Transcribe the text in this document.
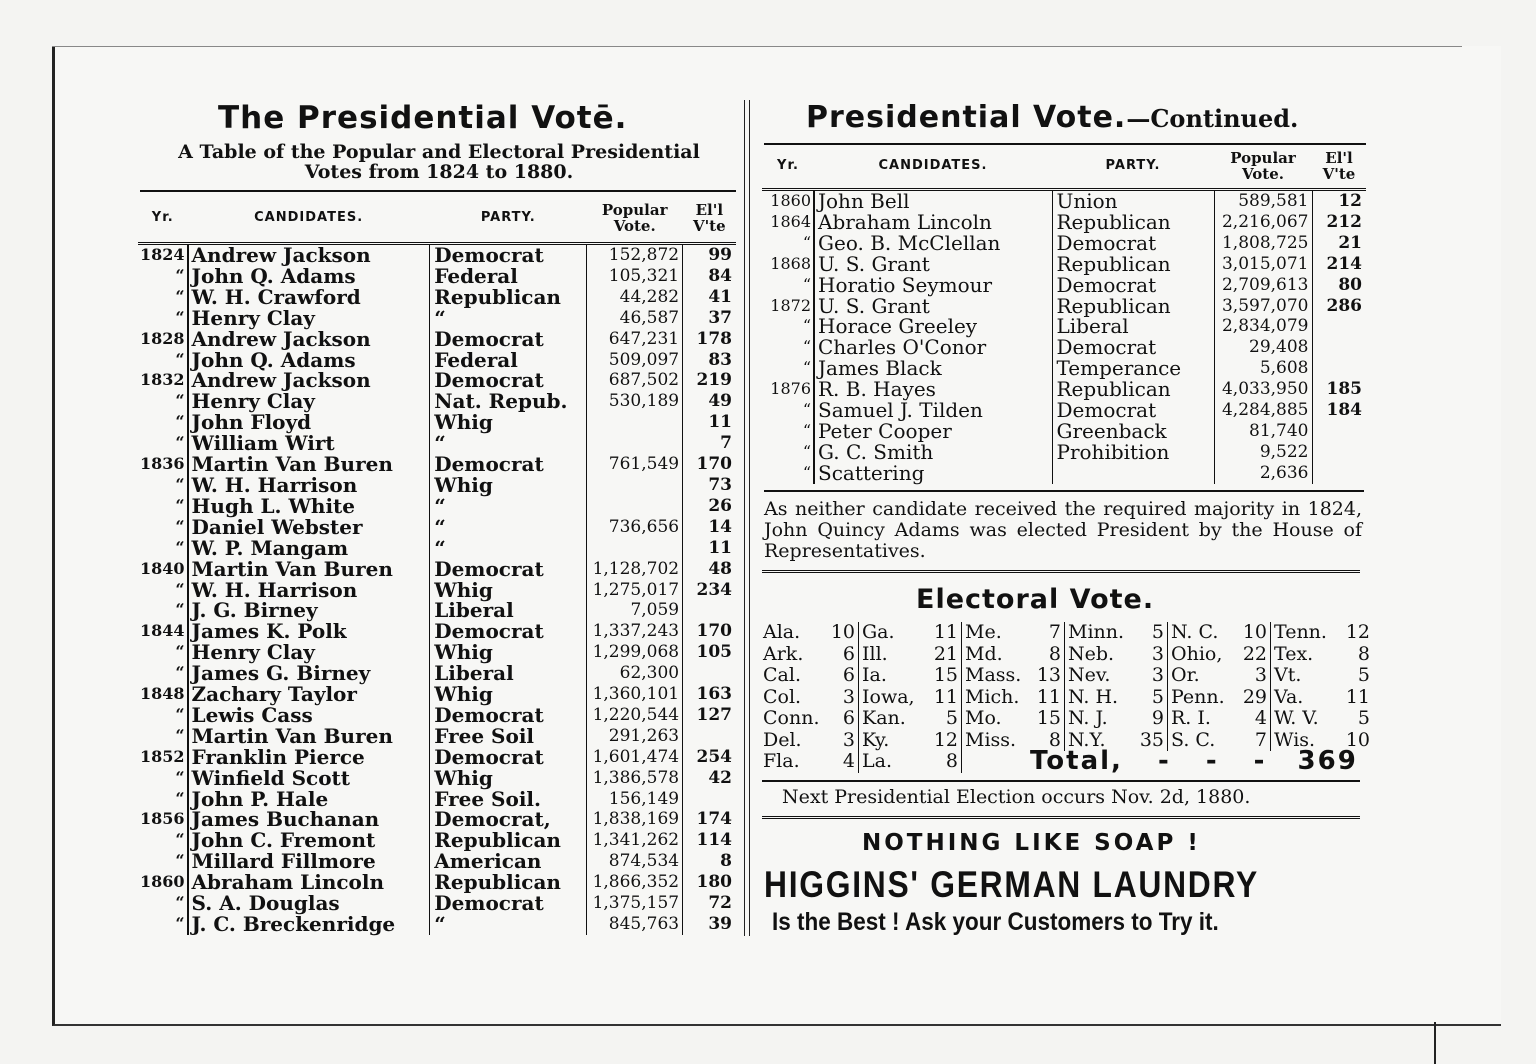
The Presidential Votē.
A Table of the Popular and Electoral Presidential
Votes from 1824 to 1880.
Yr.	CANDIDATES.	PARTY.	Popular Vote.	El'l V'te
1824	Andrew Jackson	Democrat	152,872	99
“	John Q. Adams	Federal	105,321	84
“	W. H. Crawford	Republican	44,282	41
“	Henry Clay	“	46,587	37
1828	Andrew Jackson	Democrat	647,231	178
“	John Q. Adams	Federal	509,097	83
1832	Andrew Jackson	Democrat	687,502	219
“	Henry Clay	Nat. Repub.	530,189	49
“	John Floyd	Whig		11
“	William Wirt	“		7
1836	Martin Van Buren	Democrat	761,549	170
“	W. H. Harrison	Whig		73
“	Hugh L. White	“		26
“	Daniel Webster	“	736,656	14
“	W. P. Mangam	“		11
1840	Martin Van Buren	Democrat	1,128,702	48
“	W. H. Harrison	Whig	1,275,017	234
“	J. G. Birney	Liberal	7,059	
1844	James K. Polk	Democrat	1,337,243	170
“	Henry Clay	Whig	1,299,068	105
“	James G. Birney	Liberal	62,300	
1848	Zachary Taylor	Whig	1,360,101	163
“	Lewis Cass	Democrat	1,220,544	127
“	Martin Van Buren	Free Soil	291,263	
1852	Franklin Pierce	Democrat	1,601,474	254
“	Winfield Scott	Whig	1,386,578	42
“	John P. Hale	Free Soil.	156,149	
1856	James Buchanan	Democrat,	1,838,169	174
“	John C. Fremont	Republican	1,341,262	114
“	Millard Fillmore	American	874,534	8
1860	Abraham Lincoln	Republican	1,866,352	180
“	S. A. Douglas	Democrat	1,375,157	72
“	J. C. Breckenridge	“	845,763	39
Presidential Vote.—Continued.
Yr.	CANDIDATES.	PARTY.	Popular Vote.	El'l V'te
1860	John Bell	Union	589,581	12
1864	Abraham Lincoln	Republican	2,216,067	212
“	Geo. B. McClellan	Democrat	1,808,725	21
1868	U. S. Grant	Republican	3,015,071	214
“	Horatio Seymour	Democrat	2,709,613	80
1872	U. S. Grant	Republican	3,597,070	286
“	Horace Greeley	Liberal	2,834,079	
“	Charles O'Conor	Democrat	29,408	
“	James Black	Temperance	5,608	
1876	R. B. Hayes	Republican	4,033,950	185
“	Samuel J. Tilden	Democrat	4,284,885	184
“	Peter Cooper	Greenback	81,740	
“	G. C. Smith	Prohibition	9,522	
“	Scattering		2,636	
As neither candidate received the required majority in 1824, John Quincy Adams was elected President by the House of Representatives.
Electoral Vote.
Ala.	10	Ga.	11	Me.	7	Minn.	5	N. C.	10	Tenn.	12
Ark.	6	Ill.	21	Md.	8	Neb.	3	Ohio,	22	Tex.	8
Cal.	6	Ia.	15	Mass.	13	Nev.	3	Or.	3	Vt.	5
Col.	3	Iowa,	11	Mich.	11	N. H.	5	Penn.	29	Va.	11
Conn.	6	Kan.	5	Mo.	15	N. J.	9	R. I.	4	W. V.	5
Del.	3	Ky.	12	Miss.	8	N.Y.	35	S. C.	7	Wis.	10
Fla.	4	La.	8									Total, - - - 369
Next Presidential Election occurs Nov. 2d, 1880.
NOTHING LIKE SOAP !
HIGGINS' GERMAN LAUNDRY
Is the Best ! Ask your Customers to Try it.
